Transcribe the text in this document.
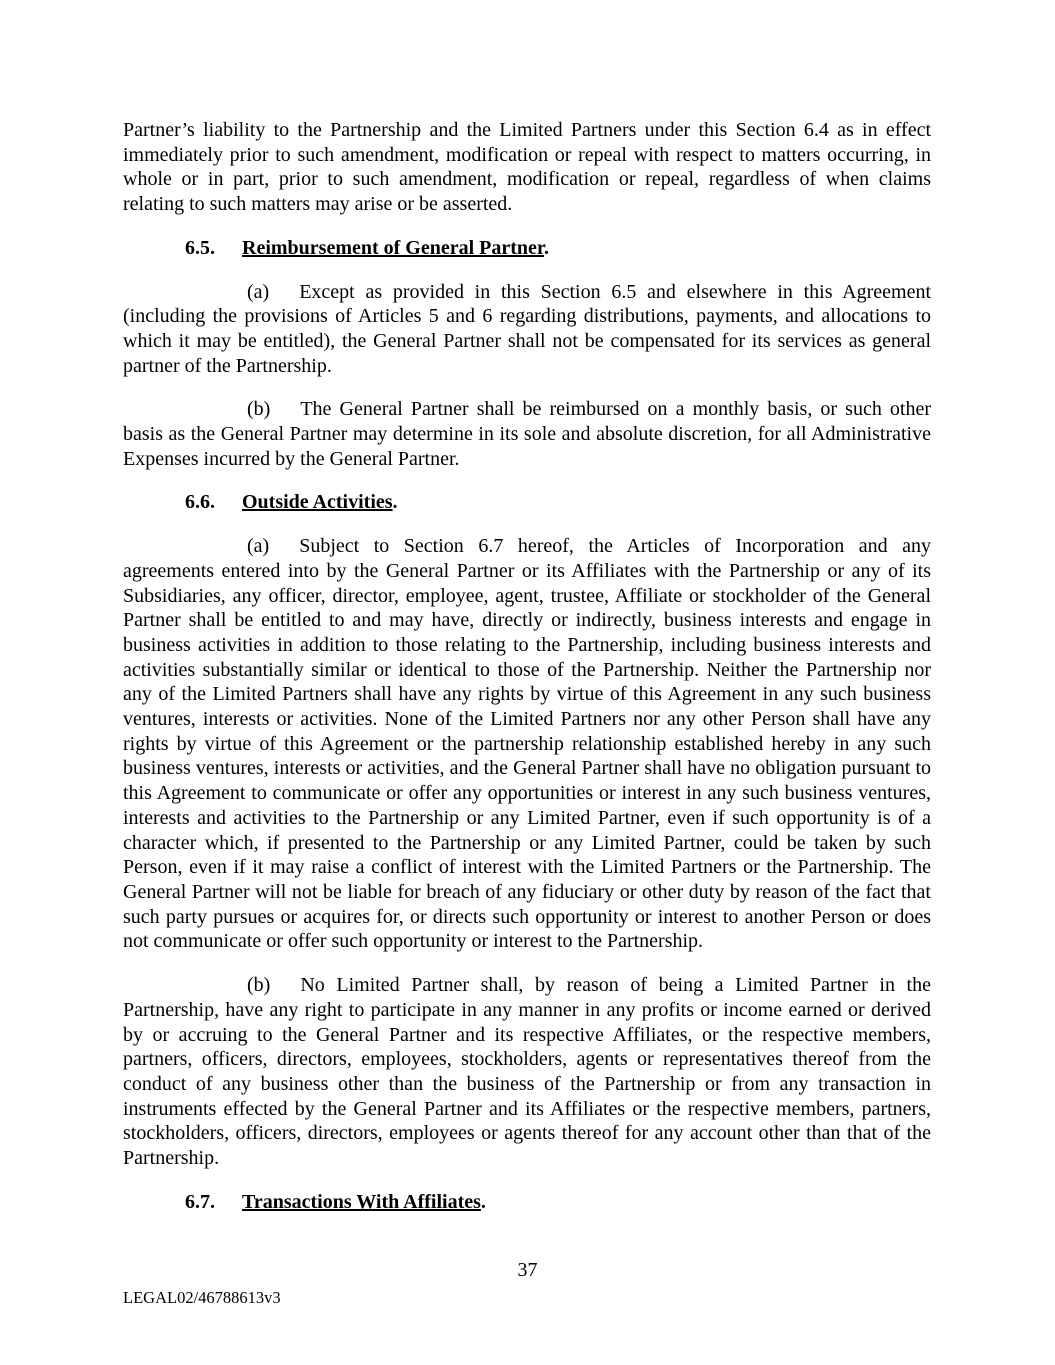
Partner’s liability to the Partnership and the Limited Partners under this Section 6.4 as in effect immediately prior to such amendment, modification or repeal with respect to matters occurring, in whole or in part, prior to such amendment, modification or repeal, regardless of when claims relating to such matters may arise or be asserted.

6.5. Reimbursement of General Partner.

(a) Except as provided in this Section 6.5 and elsewhere in this Agreement (including the provisions of Articles 5 and 6 regarding distributions, payments, and allocations to which it may be entitled), the General Partner shall not be compensated for its services as general partner of the Partnership.

(b) The General Partner shall be reimbursed on a monthly basis, or such other basis as the General Partner may determine in its sole and absolute discretion, for all Administrative Expenses incurred by the General Partner.

6.6. Outside Activities.

(a) Subject to Section 6.7 hereof, the Articles of Incorporation and any agreements entered into by the General Partner or its Affiliates with the Partnership or any of its Subsidiaries, any officer, director, employee, agent, trustee, Affiliate or stockholder of the General Partner shall be entitled to and may have, directly or indirectly, business interests and engage in business activities in addition to those relating to the Partnership, including business interests and activities substantially similar or identical to those of the Partnership. Neither the Partnership nor any of the Limited Partners shall have any rights by virtue of this Agreement in any such business ventures, interests or activities. None of the Limited Partners nor any other Person shall have any rights by virtue of this Agreement or the partnership relationship established hereby in any such business ventures, interests or activities, and the General Partner shall have no obligation pursuant to this Agreement to communicate or offer any opportunities or interest in any such business ventures, interests and activities to the Partnership or any Limited Partner, even if such opportunity is of a character which, if presented to the Partnership or any Limited Partner, could be taken by such Person, even if it may raise a conflict of interest with the Limited Partners or the Partnership. The General Partner will not be liable for breach of any fiduciary or other duty by reason of the fact that such party pursues or acquires for, or directs such opportunity or interest to another Person or does not communicate or offer such opportunity or interest to the Partnership.

(b) No Limited Partner shall, by reason of being a Limited Partner in the Partnership, have any right to participate in any manner in any profits or income earned or derived by or accruing to the General Partner and its respective Affiliates, or the respective members, partners, officers, directors, employees, stockholders, agents or representatives thereof from the conduct of any business other than the business of the Partnership or from any transaction in instruments effected by the General Partner and its Affiliates or the respective members, partners, stockholders, officers, directors, employees or agents thereof for any account other than that of the Partnership.

6.7. Transactions With Affiliates.

37
LEGAL02/46788613v3
